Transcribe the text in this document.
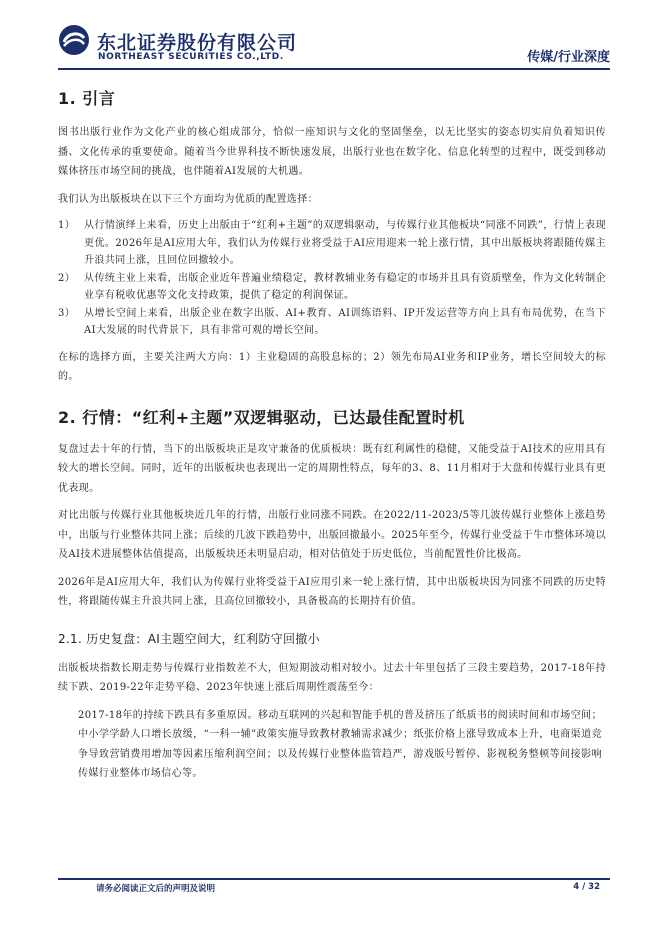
东北证券股份有限公司
NORTHEAST SECURITIES CO.,LTD.	传媒/行业深度
1. 引言

图书出版行业作为文化产业的核心组成部分，恰似一座知识与文化的坚固堡垒，以无比坚实的姿态切实肩负着知识传播、文化传承的重要使命。随着当今世界科技不断快速发展，出版行业也在数字化、信息化转型的过程中，既受到移动媒体挤压市场空间的挑战，也伴随着AI发展的大机遇。

我们认为出版板块在以下三个方面均为优质的配置选择：

1） 从行情演绎上来看，历史上出版由于“红利+主题”的双逻辑驱动，与传媒行业其他板块“同涨不同跌”，行情上表现更优。2026年是AI应用大年，我们认为传媒行业将受益于AI应用迎来一轮上涨行情，其中出版板块将跟随传媒主升浪共同上涨，且回位回撤较小。
2） 从传统主业上来看，出版企业近年普遍业绩稳定，教材教辅业务有稳定的市场并且具有资质壁垒，作为文化转制企业享有税收优惠等文化支持政策，提供了稳定的利润保证。
3） 从增长空间上来看，出版企业在数字出版、AI+教育、AI训练语料、IP开发运营等方向上具有布局优势，在当下AI大发展的时代背景下，具有非常可观的增长空间。

在标的选择方面，主要关注两大方向：1）主业稳固的高股息标的；2）领先布局AI业务和IP业务，增长空间较大的标的。

2. 行情：“红利+主题”双逻辑驱动，已达最佳配置时机

复盘过去十年的行情，当下的出版板块正是攻守兼备的优质板块：既有红利属性的稳健，又能受益于AI技术的应用具有较大的增长空间。同时，近年的出版板块也表现出一定的周期性特点，每年的3、8、11月相对于大盘和传媒行业具有更优表现。

对比出版与传媒行业其他板块近几年的行情，出版行业同涨不同跌。在2022/11-2023/5等几波传媒行业整体上涨趋势中，出版与行业整体共同上涨；后续的几波下跌趋势中，出版回撤最小。2025年至今，传媒行业受益于牛市整体环境以及AI技术进展整体估值提高，出版板块还未明显启动，相对估值处于历史低位，当前配置性价比极高。

2026年是AI应用大年，我们认为传媒行业将受益于AI应用引来一轮上涨行情，其中出版板块因为同涨不同跌的历史特性，将跟随传媒主升浪共同上涨，且高位回撤较小，具备极高的长期持有价值。

2.1. 历史复盘：AI主题空间大，红利防守回撤小

出版板块指数长期走势与传媒行业指数差不大，但短期波动相对较小。过去十年里包括了三段主要趋势，2017-18年持续下跌、2019-22年走势平稳、2023年快速上涨后周期性震荡至今：

2017-18年的持续下跌具有多重原因。移动互联网的兴起和智能手机的普及挤压了纸质书的阅读时间和市场空间；中小学学龄人口增长放缓，“一科一辅”政策实施导致教材教辅需求减少；纸张价格上涨导致成本上升，电商渠道竞争导致营销费用增加等因素压缩利润空间；以及传媒行业整体监管趋严，游戏版号暂停、影视税务整顿等间接影响传媒行业整体市场信心等。
请务必阅读正文后的声明及说明	4 / 32
